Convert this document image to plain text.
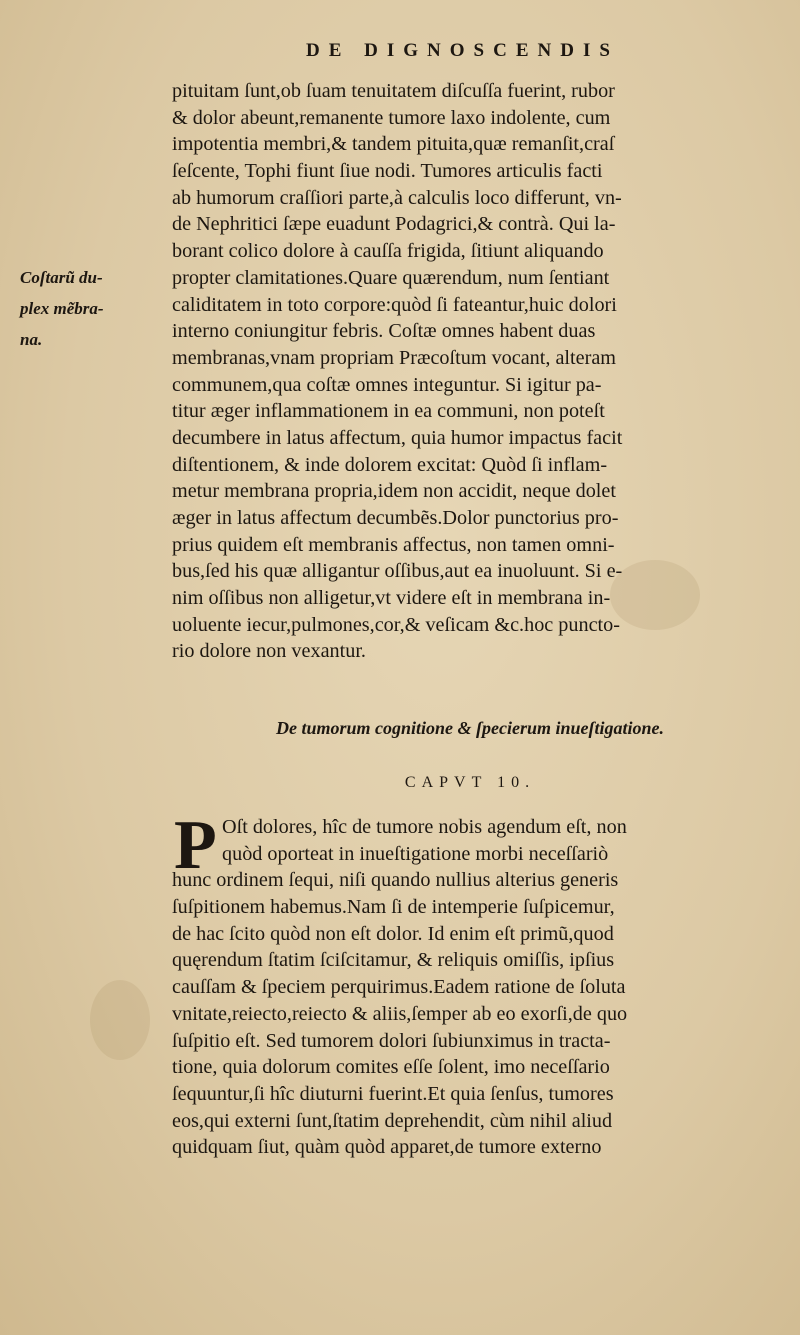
DE DIGNOSCENDIS
Coſtarũ du-
plex mẽbra-
na.
pituitam ſunt,ob ſuam tenuitatem diſcuſſa fuerint, rubor
& dolor abeunt,remanente tumore laxo indolente, cum
impotentia membri,& tandem pituita,quæ remanſit,craſ
ſeſcente, Tophi fiunt ſiue nodi. Tumores articulis facti
ab humorum craſſiori parte,à calculis loco differunt, vn-
de Nephritici ſæpe euadunt Podagrici,& contrà. Qui la-
borant colico dolore à cauſſa frigida, ſitiunt aliquando
propter clamitationes.Quare quærendum, num ſentiant
caliditatem in toto corpore:quòd ſi fateantur,huic dolori
interno coniungitur febris. Coſtæ omnes habent duas
membranas,vnam propriam Præcoſtum vocant, alteram
communem,qua coſtæ omnes integuntur. Si igitur pa-
titur æger inflammationem in ea communi, non poteſt
decumbere in latus affectum, quia humor impactus facit
diſtentionem, & inde dolorem excitat: Quòd ſi inflam-
metur membrana propria,idem non accidit, neque dolet
æger in latus affectum decumbẽs.Dolor punctorius pro-
prius quidem eſt membranis affectus, non tamen omni-
bus,ſed his quæ alligantur oſſibus,aut ea inuoluunt. Si e-
nim oſſibus non alligetur,vt videre eſt in membrana in-
uoluente iecur,pulmones,cor,& veſicam &c.hoc puncto-
rio dolore non vexantur.
De tumorum cognitione & ſpecierum inueſtigatione.
CAPVT 10.
P Oſt dolores, hîc de tumore nobis agendum eſt, non
quòd oporteat in inueſtigatione morbi neceſſariò
hunc ordinem ſequi, niſi quando nullius alterius generis
ſuſpitionem habemus.Nam ſi de intemperie ſuſpicemur,
de hac ſcito quòd non eſt dolor. Id enim eſt primũ,quod
quęrendum ſtatim ſciſcitamur, & reliquis omiſſis, ipſius
cauſſam & ſpeciem perquirimus.Eadem ratione de ſoluta
vnitate,reiecto,reiecto & aliis,ſemper ab eo exorſi,de quo
ſuſpitio eſt. Sed tumorem dolori ſubiunximus in tracta-
tione, quia dolorum comites eſſe ſolent, imo neceſſario
ſequuntur,ſi hîc diuturni fuerint.Et quia ſenſus, tumores
eos,qui externi ſunt,ſtatim deprehendit, cùm nihil aliud
quidquam ſiut, quàm quòd apparet,de tumore externo
